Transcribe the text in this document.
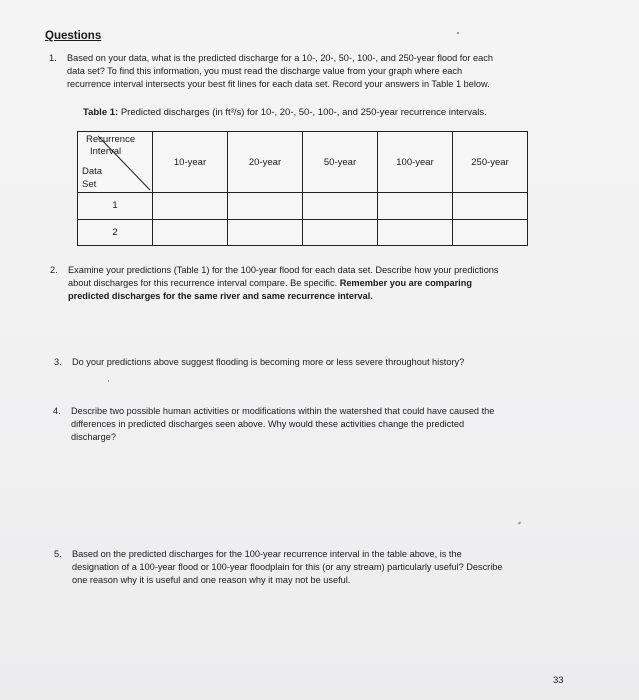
Questions
1. Based on your data, what is the predicted discharge for a 10-, 20-, 50-, 100-, and 250-year flood for each
data set? To find this information, you must read the discharge value from your graph where each
recurrence interval intersects your best fit lines for each data set. Record your answers in Table 1 below.
Table 1: Predicted discharges (in ft³/s) for 10-, 20-, 50-, 100-, and 250-year recurrence intervals.
Recurrence
Interval
Data
Set	10-year	20-year	50-year	100-year	250-year
1					
2					
2. Examine your predictions (Table 1) for the 100-year flood for each data set. Describe how your predictions
about discharges for this recurrence interval compare. Be specific. Remember you are comparing
predicted discharges for the same river and same recurrence interval.
3. Do your predictions above suggest flooding is becoming more or less severe throughout history?
4. Describe two possible human activities or modifications within the watershed that could have caused the
differences in predicted discharges seen above. Why would these activities change the predicted
discharge?
5. Based on the predicted discharges for the 100-year recurrence interval in the table above, is the
designation of a 100-year flood or 100-year floodplain for this (or any stream) particularly useful? Describe
one reason why it is useful and one reason why it may not be useful.
33
